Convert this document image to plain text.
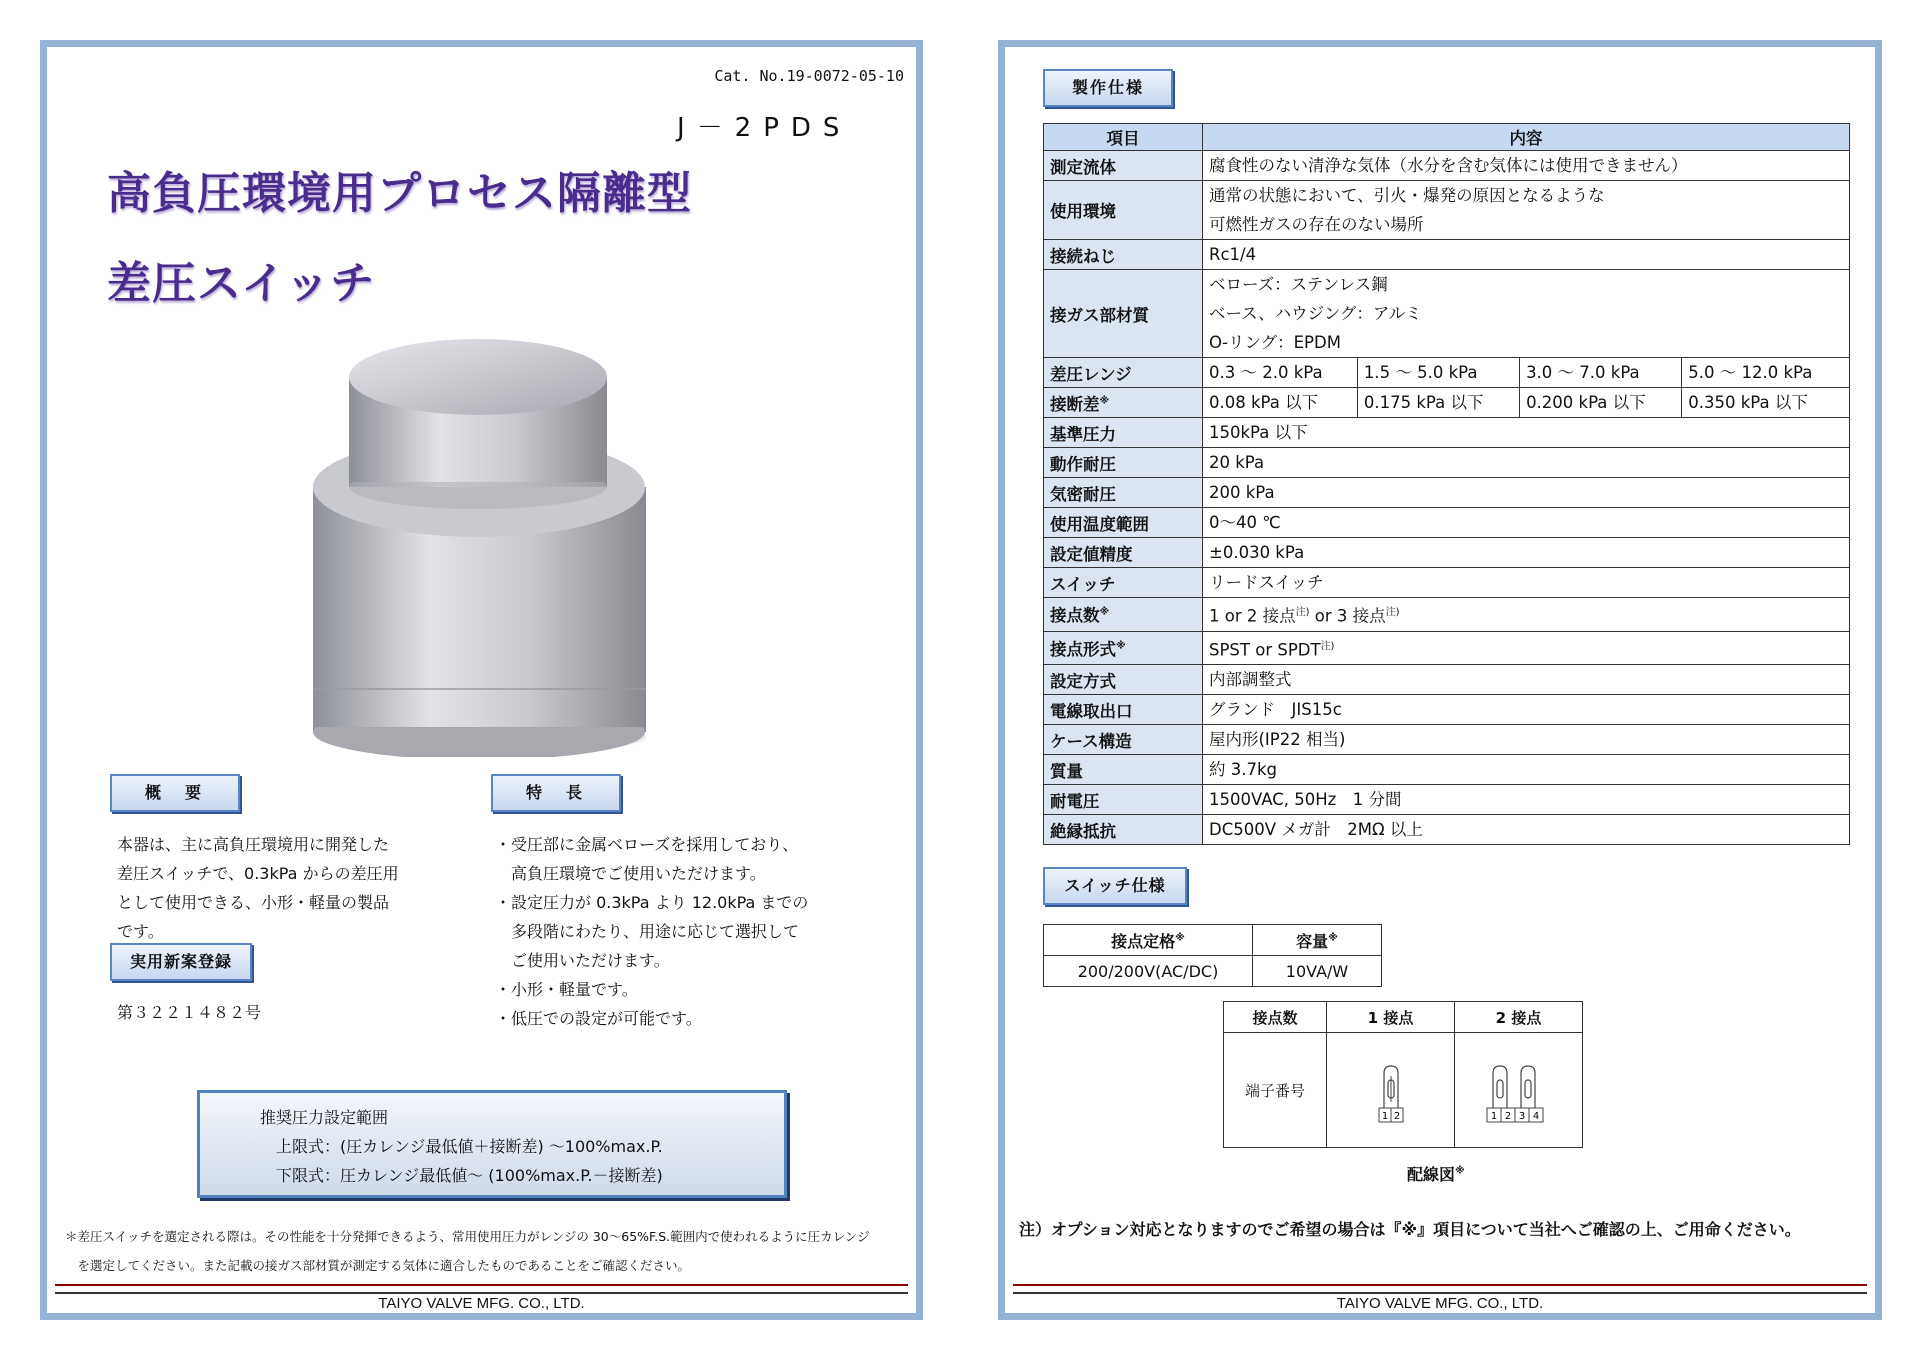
Cat. No.19-0072-05-10
J－2PDS
高負圧環境用プロセス隔離型
差圧スイッチ
概　要
本器は、主に高負圧環境用に開発した
差圧スイッチで、0.3kPa からの差圧用
として使用できる、小形・軽量の製品
です。
実用新案登録
第３２２１４８２号
特　長
・受圧部に金属ベローズを採用しており、
　高負圧環境でご使用いただけます。
・設定圧力が 0.3kPa より 12.0kPa までの
　多段階にわたり、用途に応じて選択して
　ご使用いただけます。
・小形・軽量です。
・低圧での設定が可能です。
推奨圧力設定範囲
上限式：(圧カレンジ最低値＋接断差) ～100%max.P.
下限式：圧カレンジ最低値～ (100%max.P.－接断差)
＊差圧スイッチを選定される際は。その性能を十分発揮できるよう、常用使用圧力がレンジの 30～65%F.S.範囲内で使われるように圧カレンジ
　を選定してください。また記載の接ガス部材質が測定する気体に適合したものであることをご確認ください。
TAIYO VALVE MFG. CO., LTD.
製作仕様
項目	内容			
測定流体	腐食性のない清浄な気体（水分を含む気体には使用できません）			
使用環境	通常の状態において、引火・爆発の原因となるような
可燃性ガスの存在のない場所			

接続ねじ	Rc1/4			
接ガス部材質	ベローズ：ステンレス鋼
ベース、ハウジング：アルミ
O‐リング：EPDM			

差圧レンジ	0.3 ～ 2.0 kPa	1.5 ～ 5.0 kPa	3.0 ～ 7.0 kPa	5.0 ～ 12.0 kPa
接断差※	0.08 kPa 以下	0.175 kPa 以下	0.200 kPa 以下	0.350 kPa 以下
基準圧力	150kPa 以下			
動作耐圧	20 kPa			
気密耐圧	200 kPa			
使用温度範囲	0～40 ℃			
設定値精度	±0.030 kPa			
スイッチ	リードスイッチ			
接点数※	1 or 2 接点$^{注)}$ or 3 接点$^{注)}$
接点形式※	SPST or $SPDT^{注)}$
設定方式	内部調整式			
電線取出口	グランド　JIS15c			
ケース構造	屋内形(IP22 相当)			
質量	約 3.7kg			
耐電圧	1500VAC, 50Hz　1 分間			
絶縁抵抗	DC500V メガ計　2MΩ 以上			
スイッチ仕様
接点定格※	容量※
200/200V(AC/DC)	10VA/W
接点数	1 接点	2 接点
端子番号	1 2	1 2 3 4
配線図※
注）オプション対応となりますのでご希望の場合は『※』項目について当社へご確認の上、ご用命ください。
TAIYO VALVE MFG. CO., LTD.
